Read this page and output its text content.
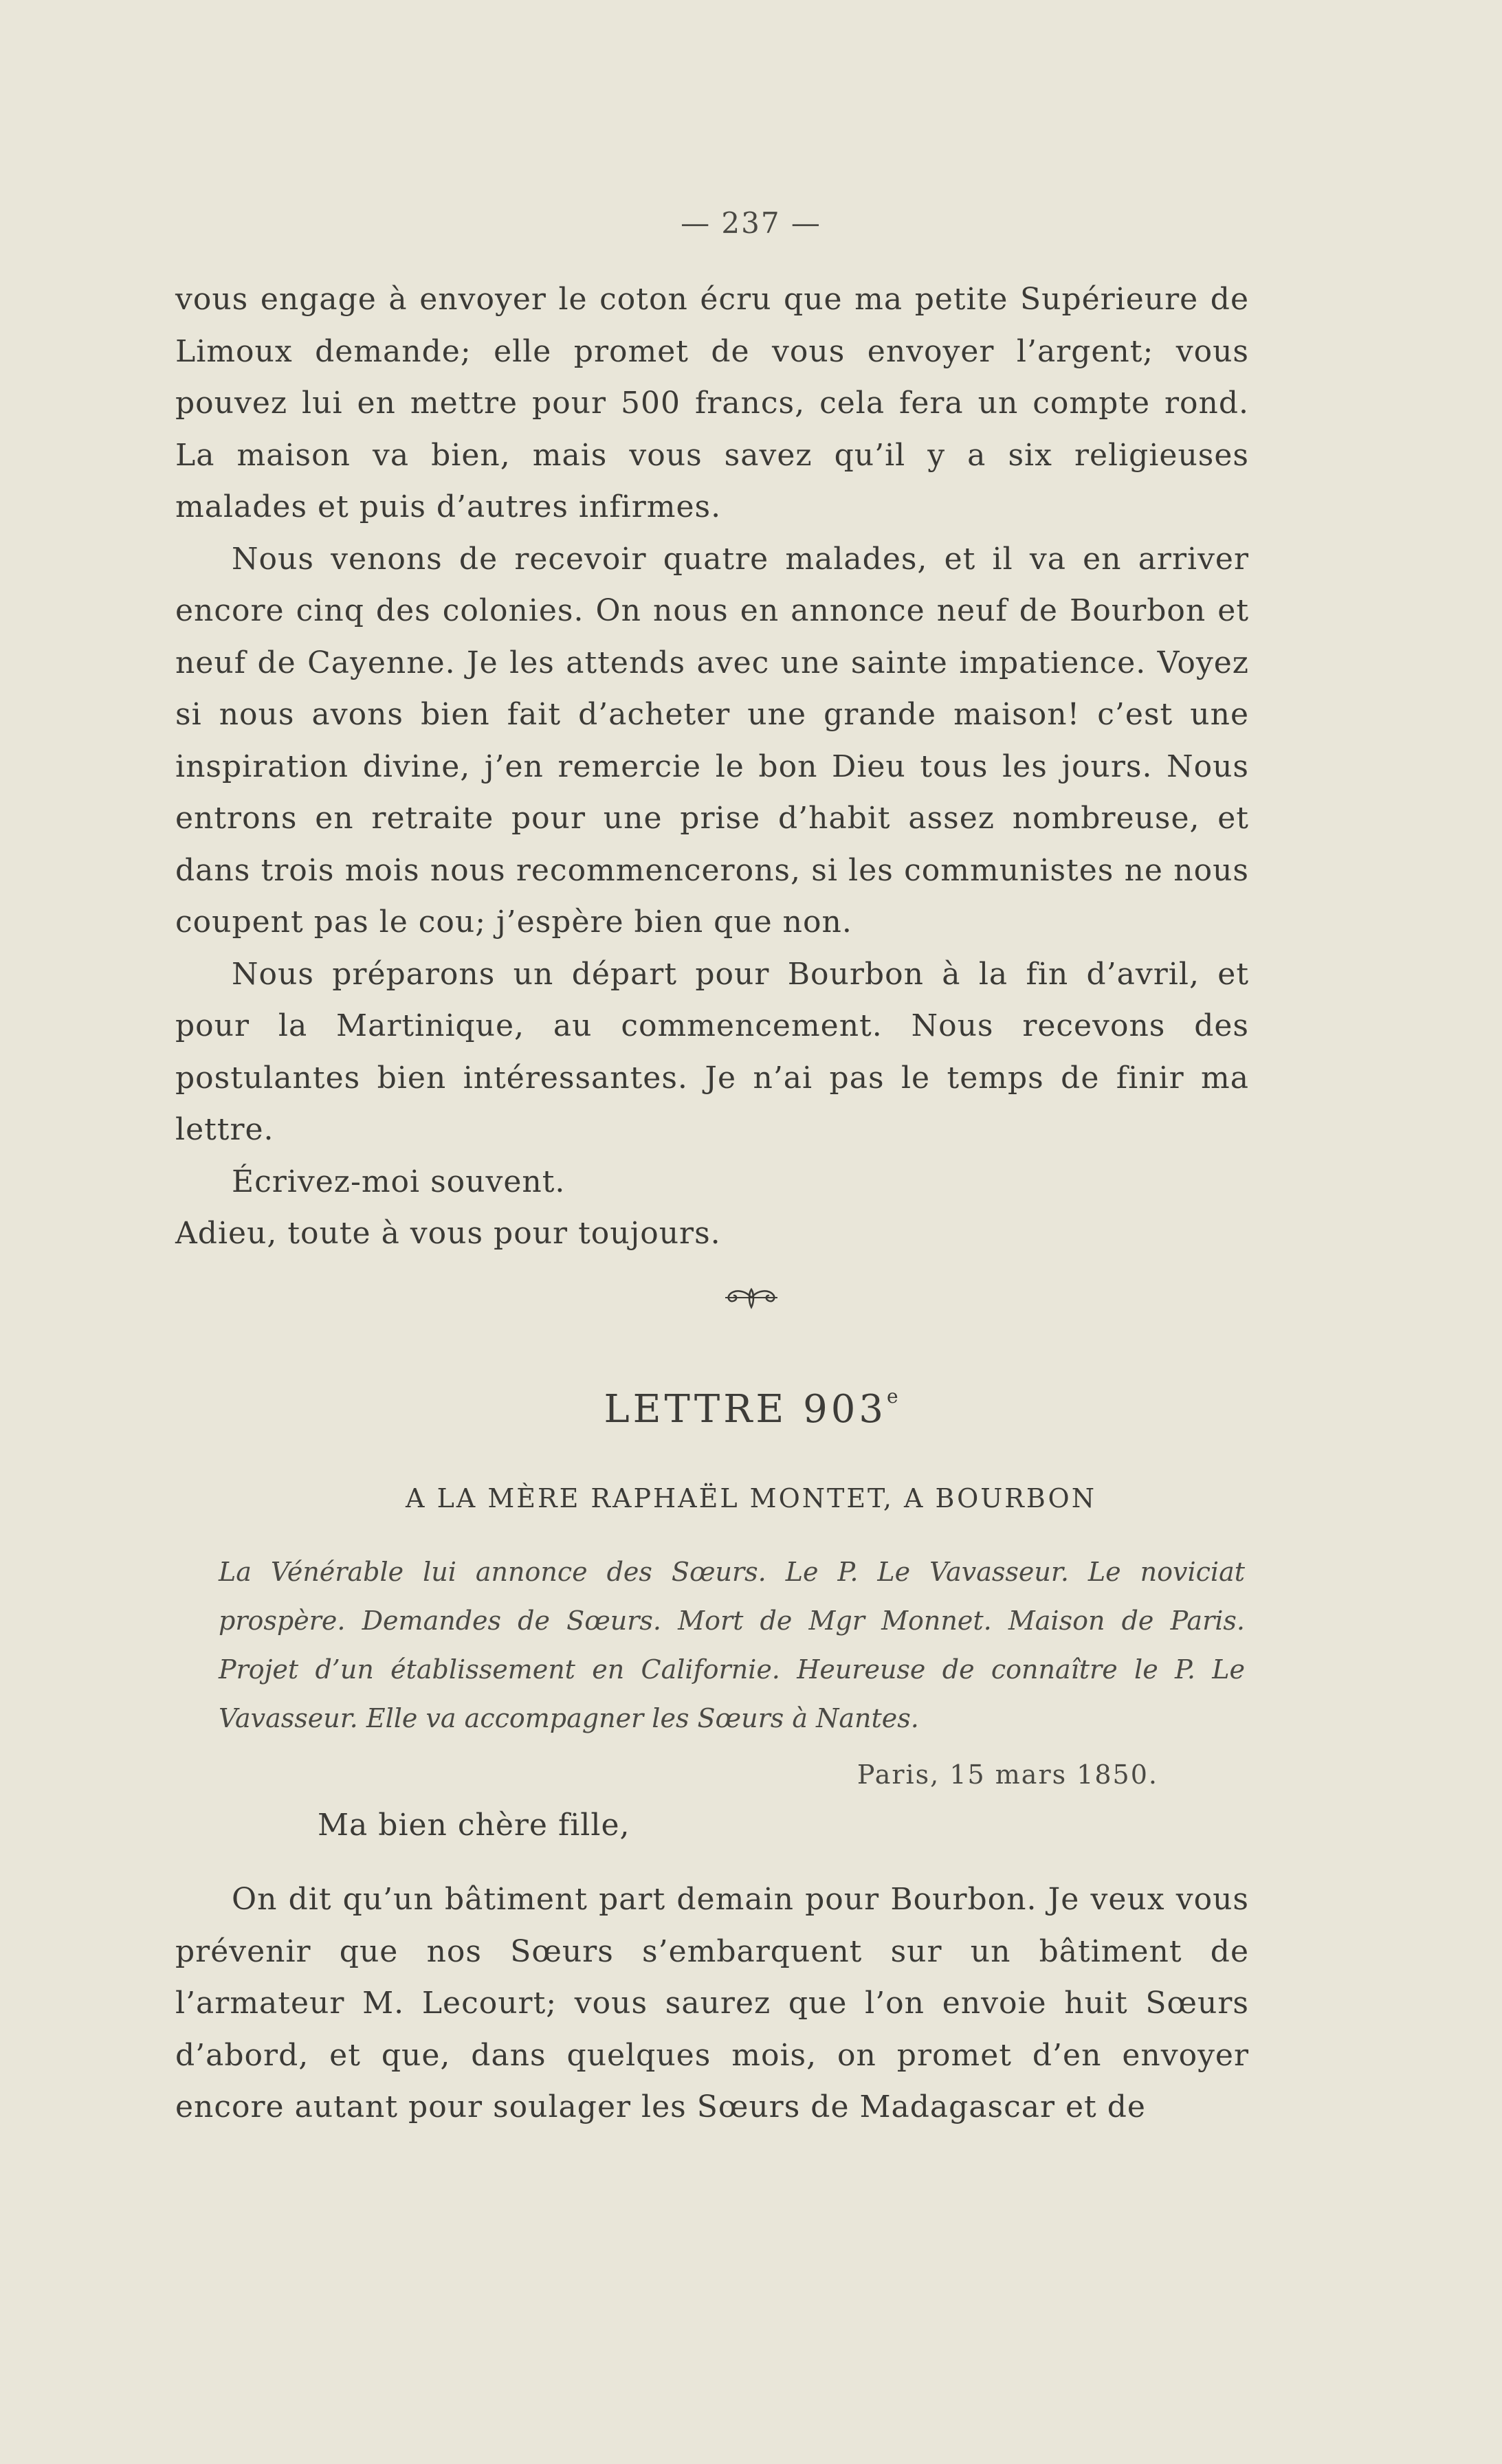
— 237 —

vous engage à envoyer le coton écru que ma petite Supérieure de Limoux demande; elle promet de vous envoyer l’argent; vous pouvez lui en mettre pour 500 francs, cela fera un compte rond. La maison va bien, mais vous savez qu’il y a six religieuses malades et puis d’autres infirmes.

Nous venons de recevoir quatre malades, et il va en arriver encore cinq des colonies. On nous en annonce neuf de Bourbon et neuf de Cayenne. Je les attends avec une sainte impatience. Voyez si nous avons bien fait d’acheter une grande maison! c’est une inspiration divine, j’en remercie le bon Dieu tous les jours. Nous entrons en retraite pour une prise d’habit assez nombreuse, et dans trois mois nous recommencerons, si les communistes ne nous coupent pas le cou; j’espère bien que non.

Nous préparons un départ pour Bourbon à la fin d’avril, et pour la Martinique, au commencement. Nous recevons des postulantes bien intéressantes. Je n’ai pas le temps de finir ma lettre.

Écrivez-moi souvent.

Adieu, toute à vous pour toujours.

LETTRE 903e
A LA MÈRE RAPHAËL MONTET, A BOURBON

La Vénérable lui annonce des Sœurs. Le P. Le Vavasseur. Le noviciat prospère. Demandes de Sœurs. Mort de Mgr Monnet. Maison de Paris. Projet d’un établissement en Californie. Heureuse de connaître le P. Le Vavasseur. Elle va accompagner les Sœurs à Nantes.

Paris, 15 mars 1850.
Ma bien chère fille,

On dit qu’un bâtiment part demain pour Bourbon. Je veux vous prévenir que nos Sœurs s’embarquent sur un bâtiment de l’armateur M. Lecourt; vous saurez que l’on envoie huit Sœurs d’abord, et que, dans quelques mois, on promet d’en envoyer encore autant pour soulager les Sœurs de Madagascar et de
